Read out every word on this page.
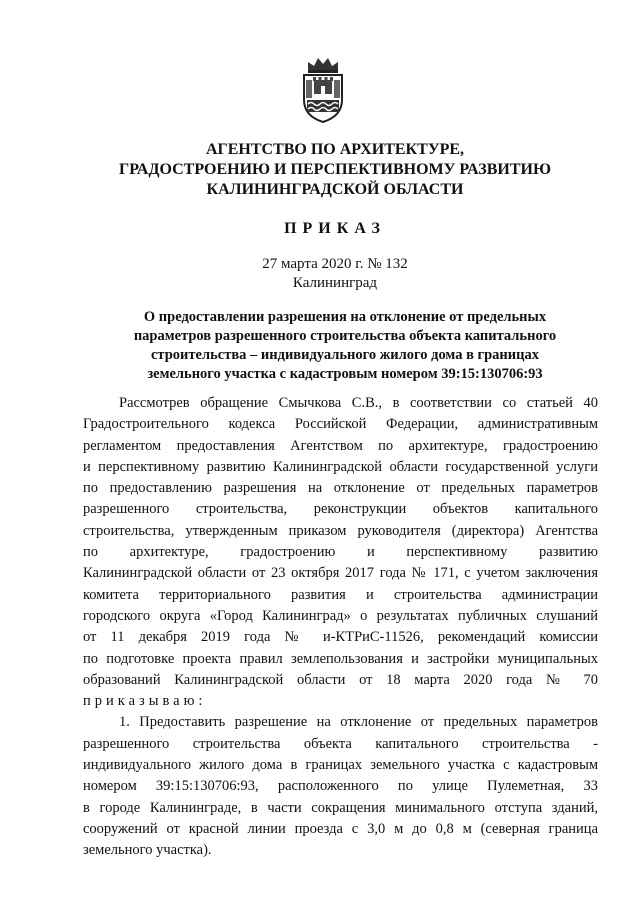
АГЕНТСТВО ПО АРХИТЕКТУРЕ,
ГРАДОСТРОЕНИЮ И ПЕРСПЕКТИВНОМУ РАЗВИТИЮ
КАЛИНИНГРАДСКОЙ ОБЛАСТИ
ПРИКАЗ
27 марта 2020 г. № 132
Калининград
О предоставлении разрешения на отклонение от предельных
параметров разрешенного строительства объекта капитального
строительства – индивидуального жилого дома в границах
земельного участка с кадастровым номером 39:15:130706:93
Рассмотрев обращение Смычкова С.В., в соответствии со статьей 40
Градостроительного кодекса Российской Федерации, административным
регламентом предоставления Агентством по архитектуре, градостроению
и перспективному развитию Калининградской области государственной услуги
по предоставлению разрешения на отклонение от предельных параметров
разрешенного строительства, реконструкции объектов капитального
строительства, утвержденным приказом руководителя (директора) Агентства
по архитектуре, градостроению и перспективному развитию
Калининградской области от 23 октября 2017 года № 171, с учетом заключения
комитета территориального развития и строительства администрации
городского округа «Город Калининград» о результатах публичных слушаний
от 11 декабря 2019 года № и-КТРиС-11526, рекомендаций комиссии
по подготовке проекта правил землепользования и застройки муниципальных
образований Калининградской области от 18 марта 2020 года № 70
приказываю:
1. Предоставить разрешение на отклонение от предельных параметров
разрешенного строительства объекта капитального строительства -
индивидуального жилого дома в границах земельного участка с кадастровым
номером 39:15:130706:93, расположенного по улице Пулеметная, 33
в городе Калининграде, в части сокращения минимального отступа зданий,
сооружений от красной линии проезда с 3,0 м до 0,8 м (северная граница
земельного участка).
